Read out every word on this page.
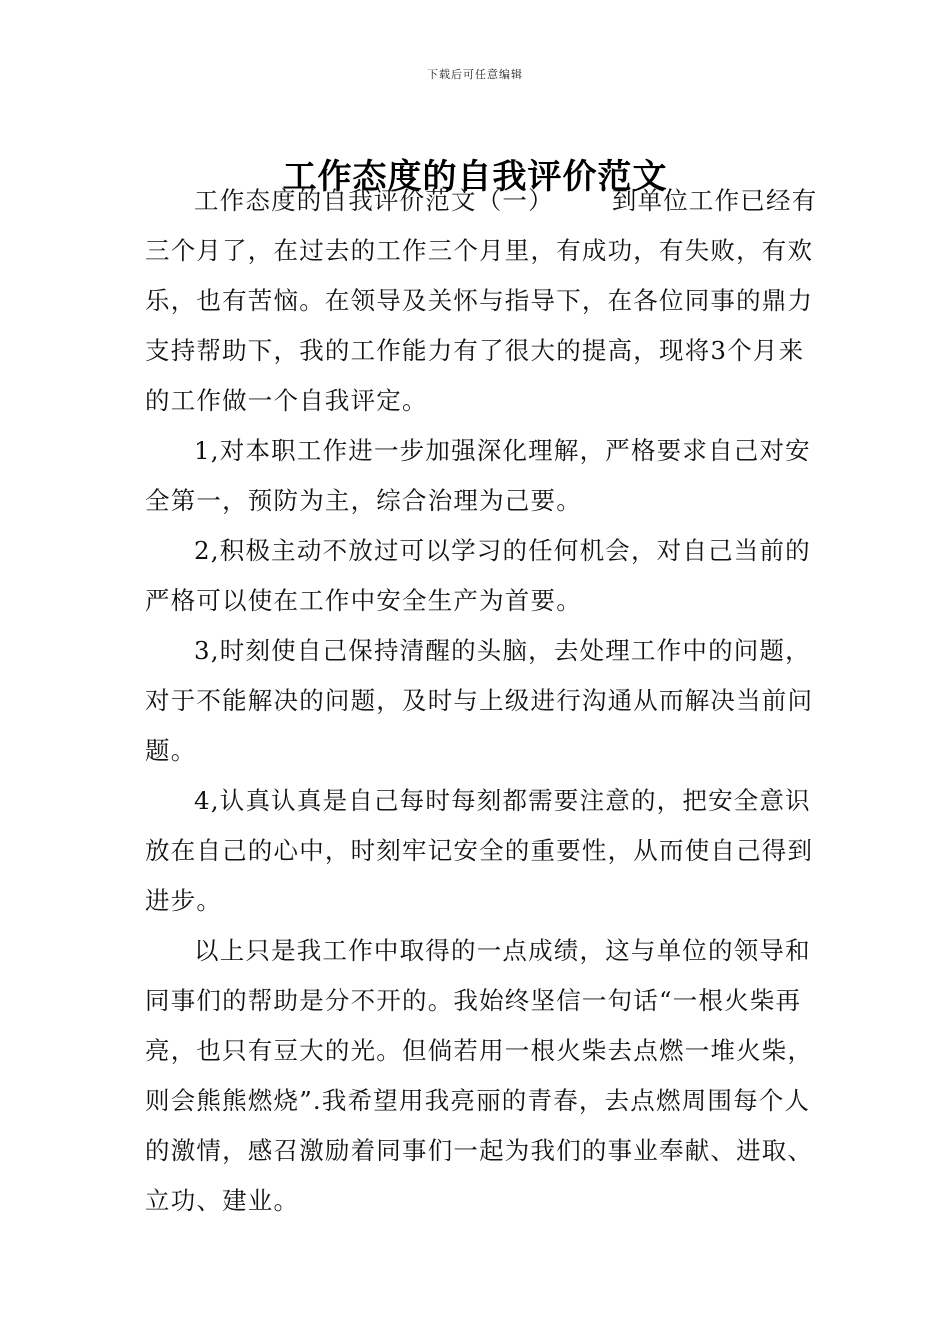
下载后可任意编辑
工作态度的自我评价范文

工作态度的自我评价范文（一） 到单位工作已经有三个月了，在过去的工作三个月里，有成功，有失败，有欢乐，也有苦恼。在领导及关怀与指导下，在各位同事的鼎力支持帮助下，我的工作能力有了很大的提高，现将3个月来的工作做一个自我评定。

1,对本职工作进一步加强深化理解，严格要求自己对安全第一，预防为主，综合治理为己要。

2,积极主动不放过可以学习的任何机会，对自己当前的严格可以使在工作中安全生产为首要。

3,时刻使自己保持清醒的头脑，去处理工作中的问题，对于不能解决的问题，及时与上级进行沟通从而解决当前问题。

4,认真认真是自己每时每刻都需要注意的，把安全意识放在自己的心中，时刻牢记安全的重要性，从而使自己得到进步。

以上只是我工作中取得的一点成绩，这与单位的领导和同事们的帮助是分不开的。我始终坚信一句话“一根火柴再亮，也只有豆大的光。但倘若用一根火柴去点燃一堆火柴，则会熊熊燃烧”.我希望用我亮丽的青春，去点燃周围每个人的激情，感召激励着同事们一起为我们的事业奉献、进取、立功、建业。
